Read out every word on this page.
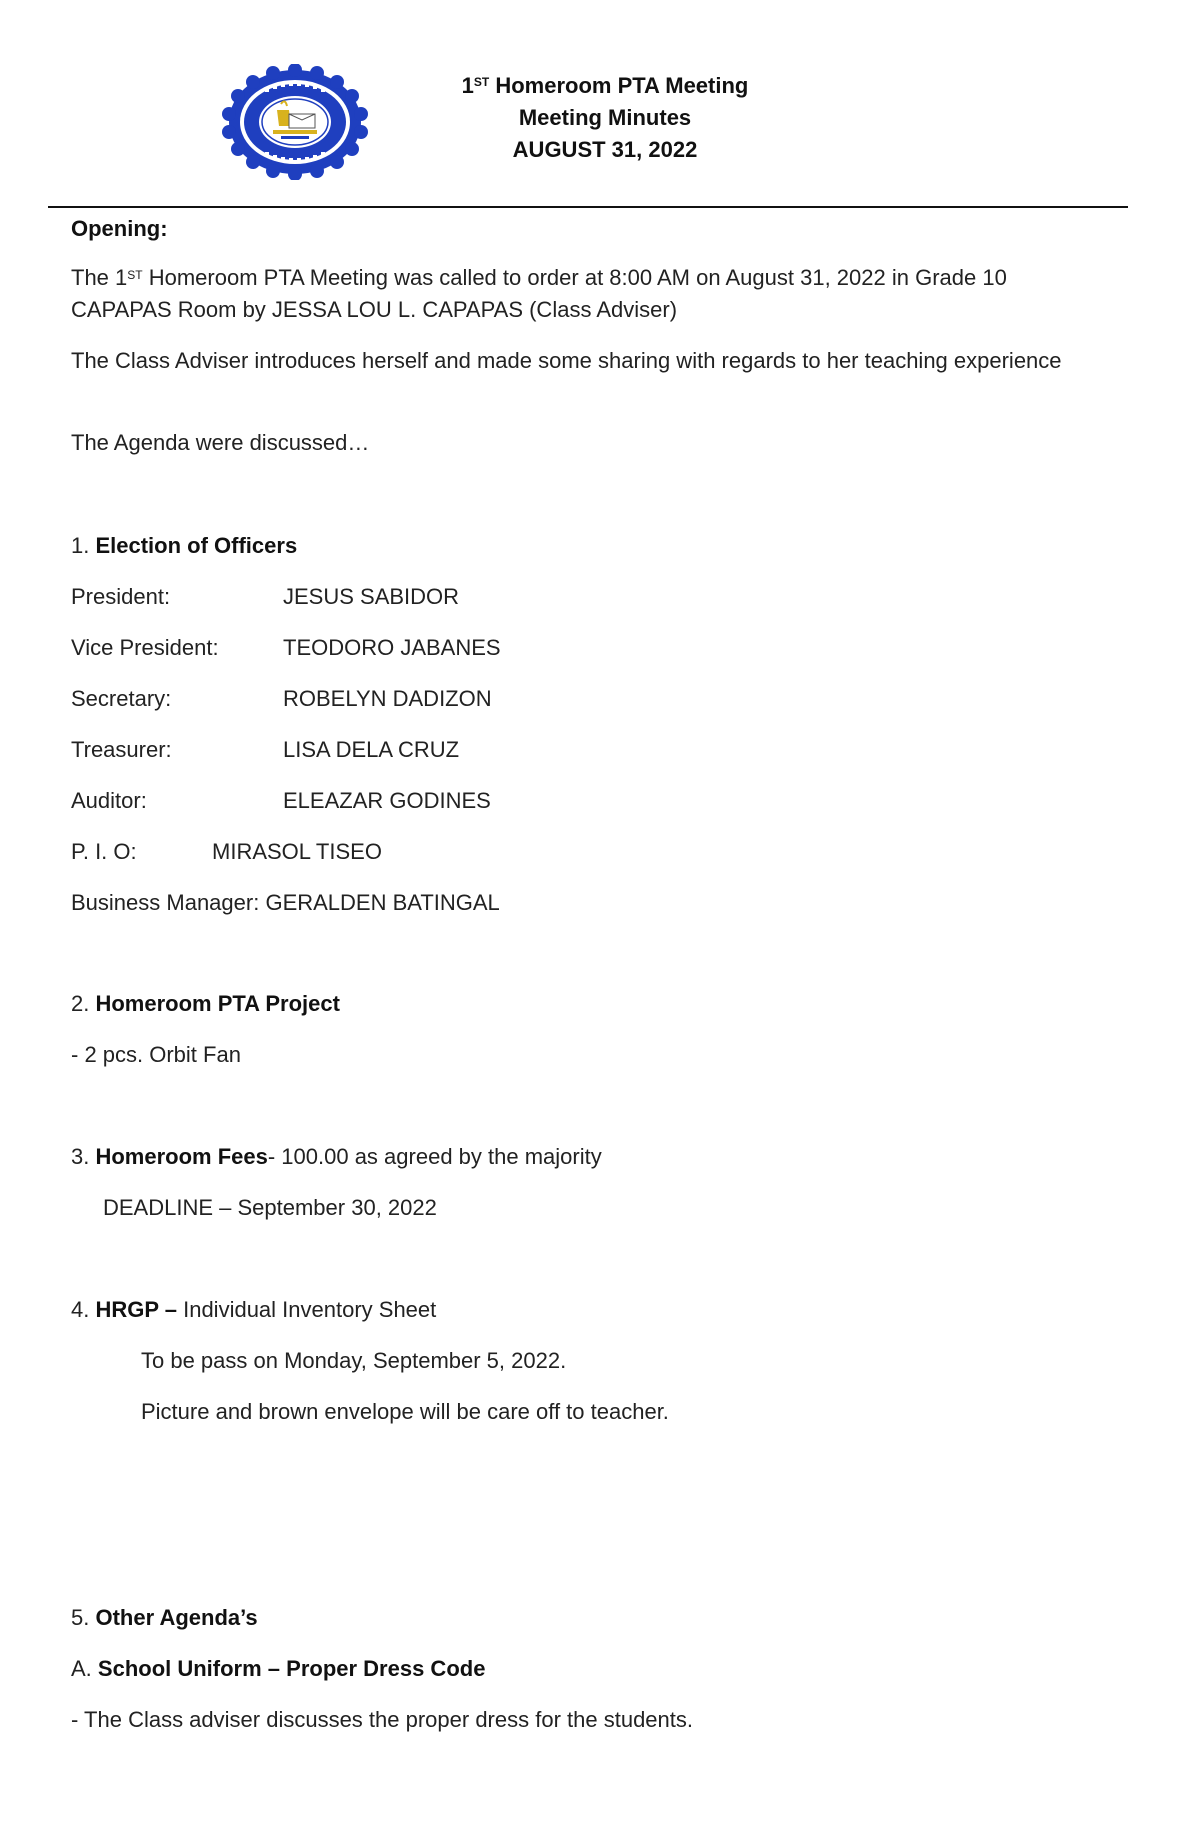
1ST Homeroom PTA Meeting
Meeting Minutes
AUGUST 31, 2022
Opening:
The 1ST Homeroom PTA Meeting was called to order at 8:00 AM on August 31, 2022 in Grade 10 CAPAPAS Room by JESSA LOU L. CAPAPAS (Class Adviser)
The Class Adviser introduces herself and made some sharing with regards to her teaching experience
The Agenda were discussed…
1. Election of Officers
President:	JESUS SABIDOR
Vice President:	TEODORO JABANES
Secretary:	ROBELYN DADIZON
Treasurer:	LISA DELA CRUZ
Auditor:	ELEAZAR GODINES
P. I. O:	MIRASOL TISEO
Business Manager: GERALDEN BATINGAL
2. Homeroom PTA Project
- 2 pcs. Orbit Fan
3. Homeroom Fees- 100.00 as agreed by the majority
DEADLINE – September 30, 2022
4. HRGP – Individual Inventory Sheet
To be pass on Monday, September 5, 2022.
Picture and brown envelope will be care off to teacher.
5. Other Agenda’s
A. School Uniform – Proper Dress Code
- The Class adviser discusses the proper dress for the students.
